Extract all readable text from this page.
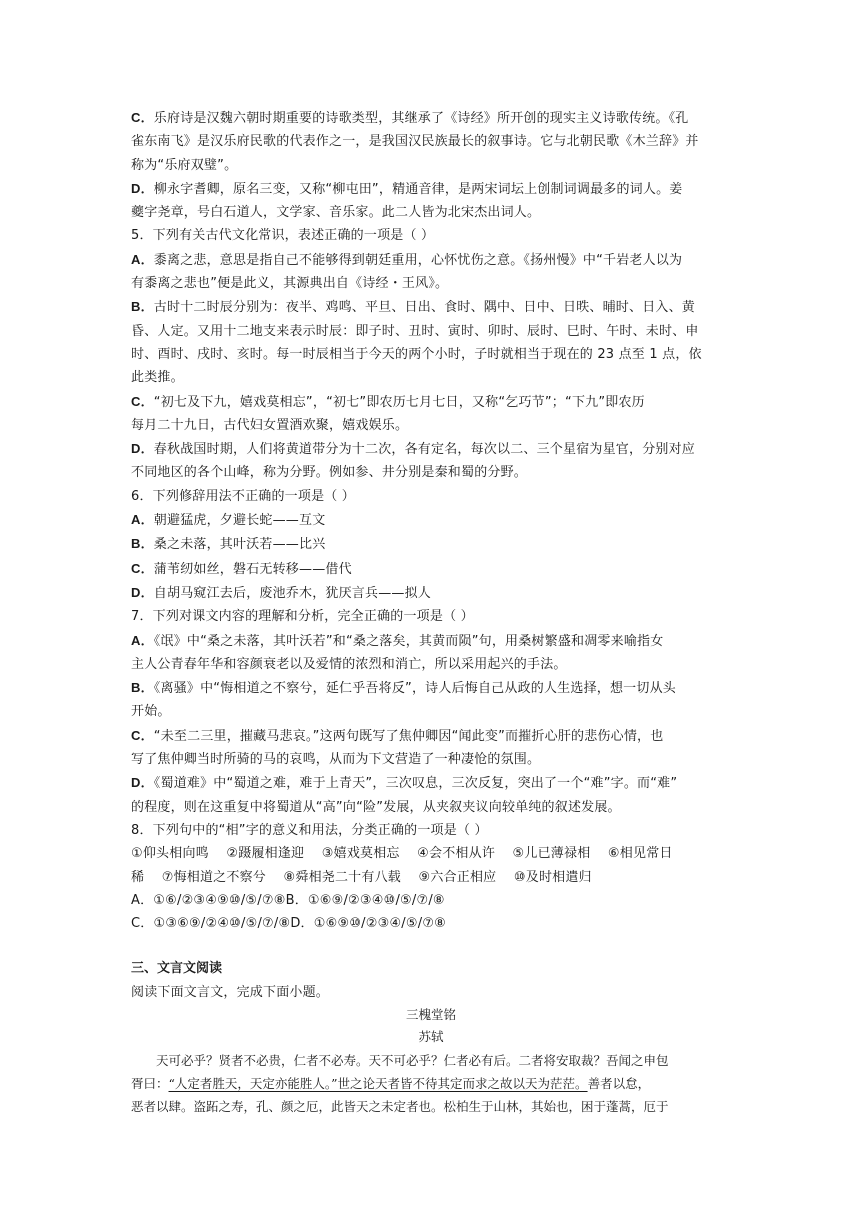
C．乐府诗是汉魏六朝时期重要的诗歌类型，其继承了《诗经》所开创的现实主义诗歌传统。《孔

雀东南飞》是汉乐府民歌的代表作之一，是我国汉民族最长的叙事诗。它与北朝民歌《木兰辞》并

称为“乐府双璧”。

D．柳永字耆卿，原名三变，又称“柳屯田”，精通音律，是两宋词坛上创制词调最多的词人。姜

夔字尧章，号白石道人，文学家、音乐家。此二人皆为北宋杰出词人。

5．下列有关古代文化常识，表述正确的一项是（ ）

A．黍离之悲，意思是指自己不能够得到朝廷重用，心怀忧伤之意。《扬州慢》中“千岩老人以为

有黍离之悲也”便是此义，其源典出自《诗经・王风》。

B．古时十二时辰分别为：夜半、鸡鸣、平旦、日出、食时、隅中、日中、日昳、晡时、日入、黄

昏、人定。又用十二地支来表示时辰：即子时、丑时、寅时、卯时、辰时、巳时、午时、未时、申

时、酉时、戌时、亥时。每一时辰相当于今天的两个小时，子时就相当于现在的 23 点至 1 点，依

此类推。

C．“初七及下九，嬉戏莫相忘”，“初七”即农历七月七日，又称“乞巧节”；“下九”即农历

每月二十九日，古代妇女置酒欢聚，嬉戏娱乐。

D．春秋战国时期，人们将黄道带分为十二次，各有定名，每次以二、三个星宿为星官，分别对应

不同地区的各个山峰，称为分野。例如参、井分别是秦和蜀的分野。

6．下列修辞用法不正确的一项是（ ）

A．朝避猛虎，夕避长蛇——互文

B．桑之未落，其叶沃若——比兴

C．蒲苇纫如丝，磐石无转移——借代

D．自胡马窥江去后，废池乔木，犹厌言兵——拟人

7．下列对课文内容的理解和分析，完全正确的一项是（ ）

A．《氓》中“桑之未落，其叶沃若”和“桑之落矣，其黄而陨”句，用桑树繁盛和凋零来喻指女

主人公青春年华和容颜衰老以及爱情的浓烈和消亡，所以采用起兴的手法。

B．《离骚》中“悔相道之不察兮，延仁乎吾将反”，诗人后悔自己从政的人生选择，想一切从头

开始。

C．“未至二三里，摧藏马悲哀。”这两句既写了焦仲卿因“闻此变”而摧折心肝的悲伤心情，也

写了焦仲卿当时所骑的马的哀鸣，从而为下文营造了一种凄怆的氛围。

D．《蜀道难》中“蜀道之难，难于上青天”，三次叹息，三次反复，突出了一个“难”字。而“难”

的程度，则在这重复中将蜀道从“高”向“险”发展，从夹叙夹议向较单纯的叙述发展。

8．下列句中的“相”字的意义和用法，分类正确的一项是（ ）

①仰头相向鸣　 ②蹑履相逢迎　 ③嬉戏莫相忘　 ④会不相从许　 ⑤儿已薄禄相　 ⑥相见常日

稀　 ⑦悔相道之不察兮　 ⑧舜相尧二十有八载　 ⑨六合正相应　 ⑩及时相遣归

A．①⑥/②③④⑨⑩/⑤/⑦⑧B．①⑥⑨/②③④⑩/⑤/⑦/⑧

C．①③⑥⑨/②④⑩/⑤/⑦/⑧D．①⑥⑨⑩/②③④/⑤/⑦⑧

三、文言文阅读

阅读下面文言文，完成下面小题。

三槐堂铭

苏轼

天可必乎？贤者不必贵，仁者不必寿。天不可必乎？仁者必有后。二者将安取裁？吾闻之申包

胥曰：“人定者胜天，天定亦能胜人。”世之论天者皆不待其定而求之故以天为茫茫。善者以怠，

恶者以肆。盗跖之寿，孔、颜之厄，此皆天之未定者也。松柏生于山林，其始也，困于蓬蒿，厄于
